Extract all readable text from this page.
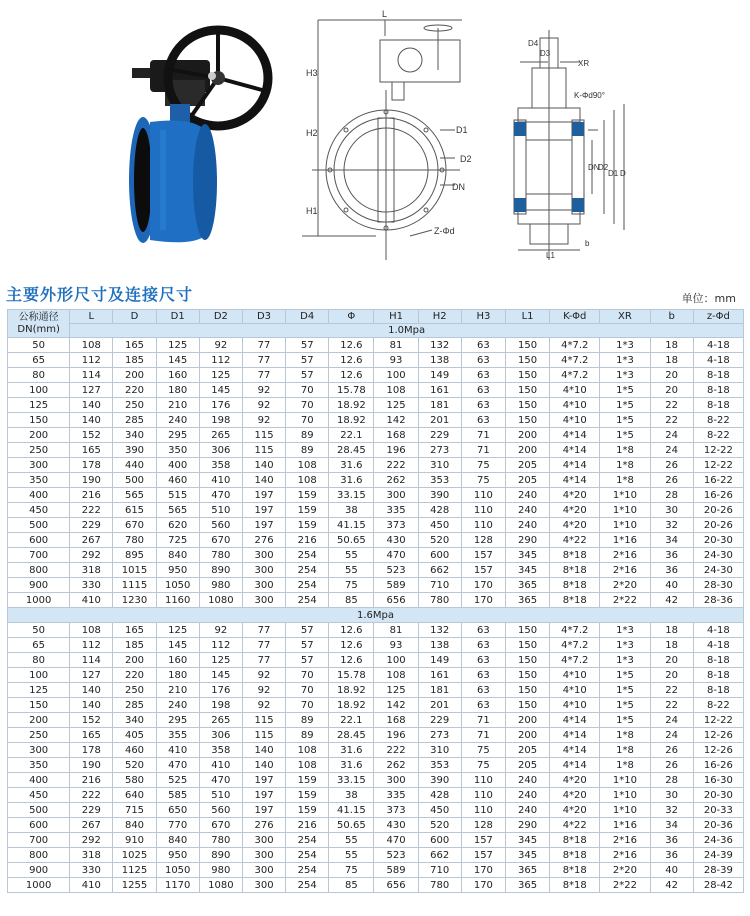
L
H3
H2
H1
D1
D2
DN
Z-Φd
D4
D3
XR
K-Φd90°
DN
D2
D1 D
L1
b
主要外形尺寸及连接尺寸	单位：mm
公称通径DN(mm)	L	D	D1	D2	D3	D4	Φ	H1	H2	H3	L1	K-Φd	XR	b	z-Φd
	1.0Mpa														
50	108	165	125	92	77	57	12.6	81	132	63	150	4*7.2	1*3	18	4-18
65	112	185	145	112	77	57	12.6	93	138	63	150	4*7.2	1*3	18	4-18
80	114	200	160	125	77	57	12.6	100	149	63	150	4*7.2	1*3	20	8-18
100	127	220	180	145	92	70	15.78	108	161	63	150	4*10	1*5	20	8-18
125	140	250	210	176	92	70	18.92	125	181	63	150	4*10	1*5	22	8-18
150	140	285	240	198	92	70	18.92	142	201	63	150	4*10	1*5	22	8-22
200	152	340	295	265	115	89	22.1	168	229	71	200	4*14	1*5	24	8-22
250	165	390	350	306	115	89	28.45	196	273	71	200	4*14	1*8	24	12-22
300	178	440	400	358	140	108	31.6	222	310	75	205	4*14	1*8	26	12-22
350	190	500	460	410	140	108	31.6	262	353	75	205	4*14	1*8	26	16-22
400	216	565	515	470	197	159	33.15	300	390	110	240	4*20	1*10	28	16-26
450	222	615	565	510	197	159	38	335	428	110	240	4*20	1*10	30	20-26
500	229	670	620	560	197	159	41.15	373	450	110	240	4*20	1*10	32	20-26
600	267	780	725	670	276	216	50.65	430	520	128	290	4*22	1*16	34	20-30
700	292	895	840	780	300	254	55	470	600	157	345	8*18	2*16	36	24-30
800	318	1015	950	890	300	254	55	523	662	157	345	8*18	2*16	36	24-30
900	330	1115	1050	980	300	254	75	589	710	170	365	8*18	2*20	40	28-30
1000	410	1230	1160	1080	300	254	85	656	780	170	365	8*18	2*22	42	28-36
1.6Mpa															
50	108	165	125	92	77	57	12.6	81	132	63	150	4*7.2	1*3	18	4-18
65	112	185	145	112	77	57	12.6	93	138	63	150	4*7.2	1*3	18	4-18
80	114	200	160	125	77	57	12.6	100	149	63	150	4*7.2	1*3	20	8-18
100	127	220	180	145	92	70	15.78	108	161	63	150	4*10	1*5	20	8-18
125	140	250	210	176	92	70	18.92	125	181	63	150	4*10	1*5	22	8-18
150	140	285	240	198	92	70	18.92	142	201	63	150	4*10	1*5	22	8-22
200	152	340	295	265	115	89	22.1	168	229	71	200	4*14	1*5	24	12-22
250	165	405	355	306	115	89	28.45	196	273	71	200	4*14	1*8	24	12-26
300	178	460	410	358	140	108	31.6	222	310	75	205	4*14	1*8	26	12-26
350	190	520	470	410	140	108	31.6	262	353	75	205	4*14	1*8	26	16-26
400	216	580	525	470	197	159	33.15	300	390	110	240	4*20	1*10	28	16-30
450	222	640	585	510	197	159	38	335	428	110	240	4*20	1*10	30	20-30
500	229	715	650	560	197	159	41.15	373	450	110	240	4*20	1*10	32	20-33
600	267	840	770	670	276	216	50.65	430	520	128	290	4*22	1*16	34	20-36
700	292	910	840	780	300	254	55	470	600	157	345	8*18	2*16	36	24-36
800	318	1025	950	890	300	254	55	523	662	157	345	8*18	2*16	36	24-39
900	330	1125	1050	980	300	254	75	589	710	170	365	8*18	2*20	40	28-39
1000	410	1255	1170	1080	300	254	85	656	780	170	365	8*18	2*22	42	28-42
